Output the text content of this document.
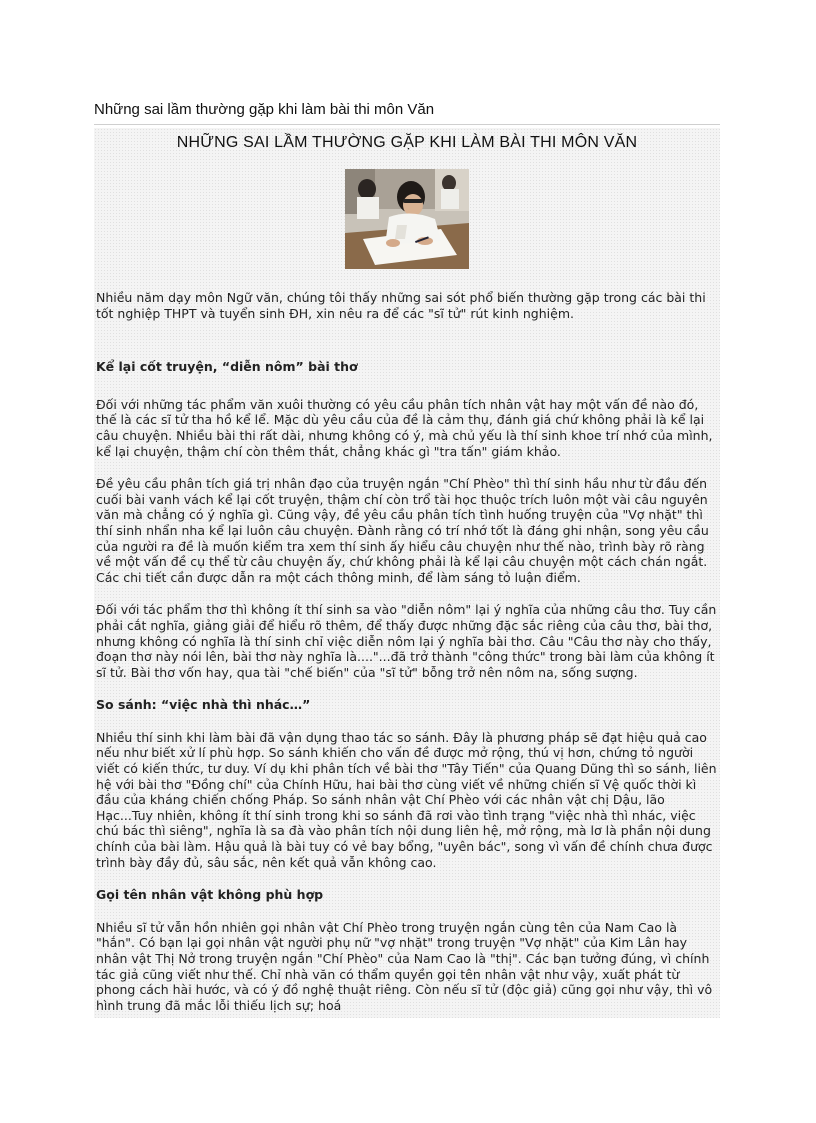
Những sai lầm thường gặp khi làm bài thi môn Văn
NHỮNG SAI LẦM THƯỜNG GẶP KHI LÀM BÀI THI MÔN VĂN

Nhiều năm dạy môn Ngữ văn, chúng tôi thấy những sai sót phổ biến thường gặp trong các bài thi tốt nghiệp THPT và tuyển sinh ĐH, xin nêu ra để các "sĩ tử" rút kinh nghiệm.

Kể lại cốt truyện, “diễn nôm” bài thơ

Đối với những tác phẩm văn xuôi thường có yêu cầu phân tích nhân vật hay một vấn đề nào đó, thế là các sĩ tử tha hồ kể lể. Mặc dù yêu cầu của đề là cảm thụ, đánh giá chứ không phải là kể lại câu chuyện. Nhiều bài thi rất dài, nhưng không có ý, mà chủ yếu là thí sinh khoe trí nhớ của mình, kể lại chuyện, thậm chí còn thêm thắt, chẳng khác gì "tra tấn" giám khảo.

Đề yêu cầu phân tích giá trị nhân đạo của truyện ngắn "Chí Phèo" thì thí sinh hầu như từ đầu đến cuối bài vanh vách kể lại cốt truyện, thậm chí còn trổ tài học thuộc trích luôn một vài câu nguyên văn mà chẳng có ý nghĩa gì. Cũng vậy, đề yêu cầu phân tích tình huống truyện của "Vợ nhặt" thì thí sinh nhẩn nha kể lại luôn câu chuyện. Đành rằng có trí nhớ tốt là đáng ghi nhận, song yêu cầu của người ra đề là muốn kiểm tra xem thí sinh ấy hiểu câu chuyện như thế nào, trình bày rõ ràng về một vấn đề cụ thể từ câu chuyện ấy, chứ không phải là kể lại câu chuyện một cách chán ngắt. Các chi tiết cần được dẫn ra một cách thông minh, để làm sáng tỏ luận điểm.

Đối với tác phẩm thơ thì không ít thí sinh sa vào "diễn nôm" lại ý nghĩa của những câu thơ. Tuy cần phải cắt nghĩa, giảng giải để hiểu rõ thêm, để thấy được những đặc sắc riêng của câu thơ, bài thơ, nhưng không có nghĩa là thí sinh chỉ việc diễn nôm lại ý nghĩa bài thơ. Câu "Câu thơ này cho thấy, đoạn thơ này nói lên, bài thơ này nghĩa là...."...đã trở thành "công thức" trong bài làm của không ít sĩ tử. Bài thơ vốn hay, qua tài "chế biến" của "sĩ tử" bỗng trở nên nôm na, sống sượng.

So sánh: “việc nhà thì nhác…”

Nhiều thí sinh khi làm bài đã vận dụng thao tác so sánh. Đây là phương pháp sẽ đạt hiệu quả cao nếu như biết xử lí phù hợp. So sánh khiến cho vấn đề được mở rộng, thú vị hơn, chứng tỏ người viết có kiến thức, tư duy. Ví dụ khi phân tích về bài thơ "Tây Tiến" của Quang Dũng thì so sánh, liên hệ với bài thơ "Đồng chí" của Chính Hữu, hai bài thơ cùng viết về những chiến sĩ Vệ quốc thời kì đầu của kháng chiến chống Pháp. So sánh nhân vật Chí Phèo với các nhân vật chị Dậu, lão Hạc...Tuy nhiên, không ít thí sinh trong khi so sánh đã rơi vào tình trạng "việc nhà thì nhác, việc chú bác thì siêng", nghĩa là sa đà vào phân tích nội dung liên hệ, mở rộng, mà lơ là phần nội dung chính của bài làm. Hậu quả là bài tuy có vẻ bay bổng, "uyên bác", song vì vấn đề chính chưa được trình bày đầy đủ, sâu sắc, nên kết quả vẫn không cao.

Gọi tên nhân vật không phù hợp

Nhiều sĩ tử vẫn hồn nhiên gọi nhân vật Chí Phèo trong truyện ngắn cùng tên của Nam Cao là "hắn". Có bạn lại gọi nhân vật người phụ nữ "vợ nhặt" trong truyện "Vợ nhặt" của Kim Lân hay nhân vật Thị Nở trong truyện ngắn "Chí Phèo" của Nam Cao là "thị". Các bạn tưởng đúng, vì chính tác giả cũng viết như thế. Chỉ nhà văn có thẩm quyền gọi tên nhân vật như vậy, xuất phát từ phong cách hài hước, và có ý đồ nghệ thuật riêng. Còn nếu sĩ tử (độc giả) cũng gọi như vậy, thì vô hình trung đã mắc lỗi thiếu lịch sự; hoá
